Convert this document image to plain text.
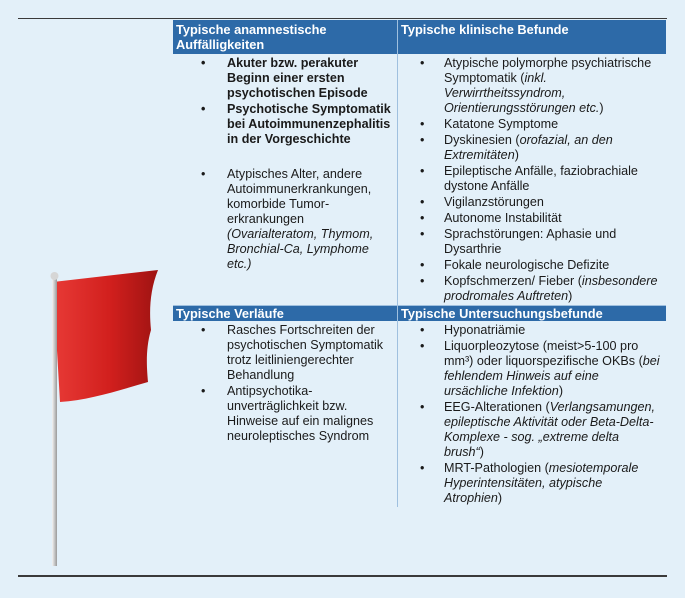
Typische anamnestische Auffälligkeiten
Typische klinische Befunde
• Akuter bzw. perakuter Beginn einer ersten psychotischen Episode
• Psychotische Symptomatik bei Autoimmunenzephalitis in der Vorgeschichte
• Atypisches Alter, andere Autoimmunerkrankungen, komorbide Tumor-erkrankungen (Ovarialteratom, Thymom, Bronchial-Ca, Lymphome etc.)
• Atypische polymorphe psychiatrische Symptomatik (inkl. Verwirrtheitssyndrom, Orientierungsstörungen etc.)
• Katatone Symptome
• Dyskinesien (orofazial, an den Extremitäten)
• Epileptische Anfälle, faziobrachiale dystone Anfälle
• Vigilanzstörungen
• Autonome Instabilität
• Sprachstörungen: Aphasie und Dysarthrie
• Fokale neurologische Defizite
• Kopfschmerzen/ Fieber (insbesondere prodromales Auftreten)
Typische Verläufe	Typische Untersuchungsbefunde
• Rasches Fortschreiten der psychotischen Symptomatik trotz leitliniengerechter Behandlung
• Antipsychotika-unverträglichkeit bzw. Hinweise auf ein malignes neuroleptisches Syndrom
• Hyponatriämie
• Liquorpleozytose (meist>5-100 pro mm³) oder liquorspezifische OKBs (bei fehlendem Hinweis auf eine ursächliche Infektion)
• EEG-Alterationen (Verlangsamungen, epileptische Aktivität oder Beta-Delta-Komplexe - sog. „extreme delta brush“)
• MRT-Pathologien (mesiotemporale Hyperintensitäten, atypische Atrophien)
